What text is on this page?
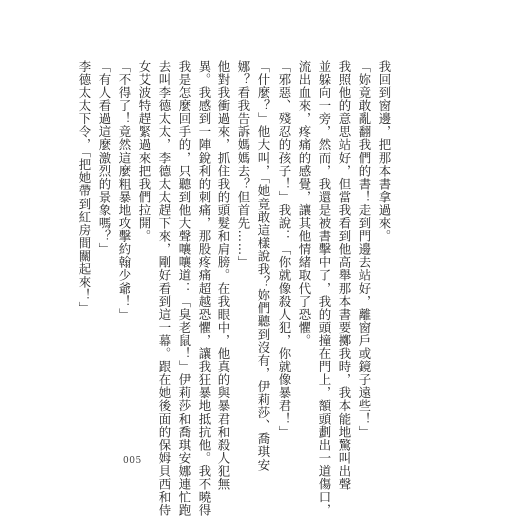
我回到窗邊，把那本書拿過來。
「妳竟敢亂翻我們的書！走到門邊去站好，離窗戶或鏡子遠些！」
我照他的意思站好，但當我看到他高舉那本書要擲我時，我本能地驚叫出聲
並躲向一旁，然而，我還是被書擊中了，我的頭撞在門上，額頭劃出一道傷口，
流出血來，疼痛的感覺，讓其他情緒取代了恐懼。
「邪惡、殘忍的孩子！」我說：「你就像殺人犯，你就像暴君！」
「什麼？」他大叫，「她竟敢這樣說我？妳們聽到沒有，伊莉莎、喬琪安
娜？看我告訴媽媽去？但首先……」
他對我衝過來，抓住我的頭髮和肩膀。在我眼中，他真的與暴君和殺人犯無
異。我感到一陣銳利的刺痛，那股疼痛超越恐懼，讓我狂暴地抵抗他。我不曉得
我是怎麼回手的，只聽到他大聲嚷嚷道：「臭老鼠！」伊莉莎和喬琪安娜連忙跑
去叫李德太太，李德太太趕下來，剛好看到這一幕。跟在她後面的保姆貝西和侍
女艾波特趕緊過來把我們拉開。
「不得了！竟然這麼粗暴地攻擊約翰少爺！」
「有人看過這麼激烈的景象嗎？」
李德太太下令，「把她帶到紅房間關起來！」
005
